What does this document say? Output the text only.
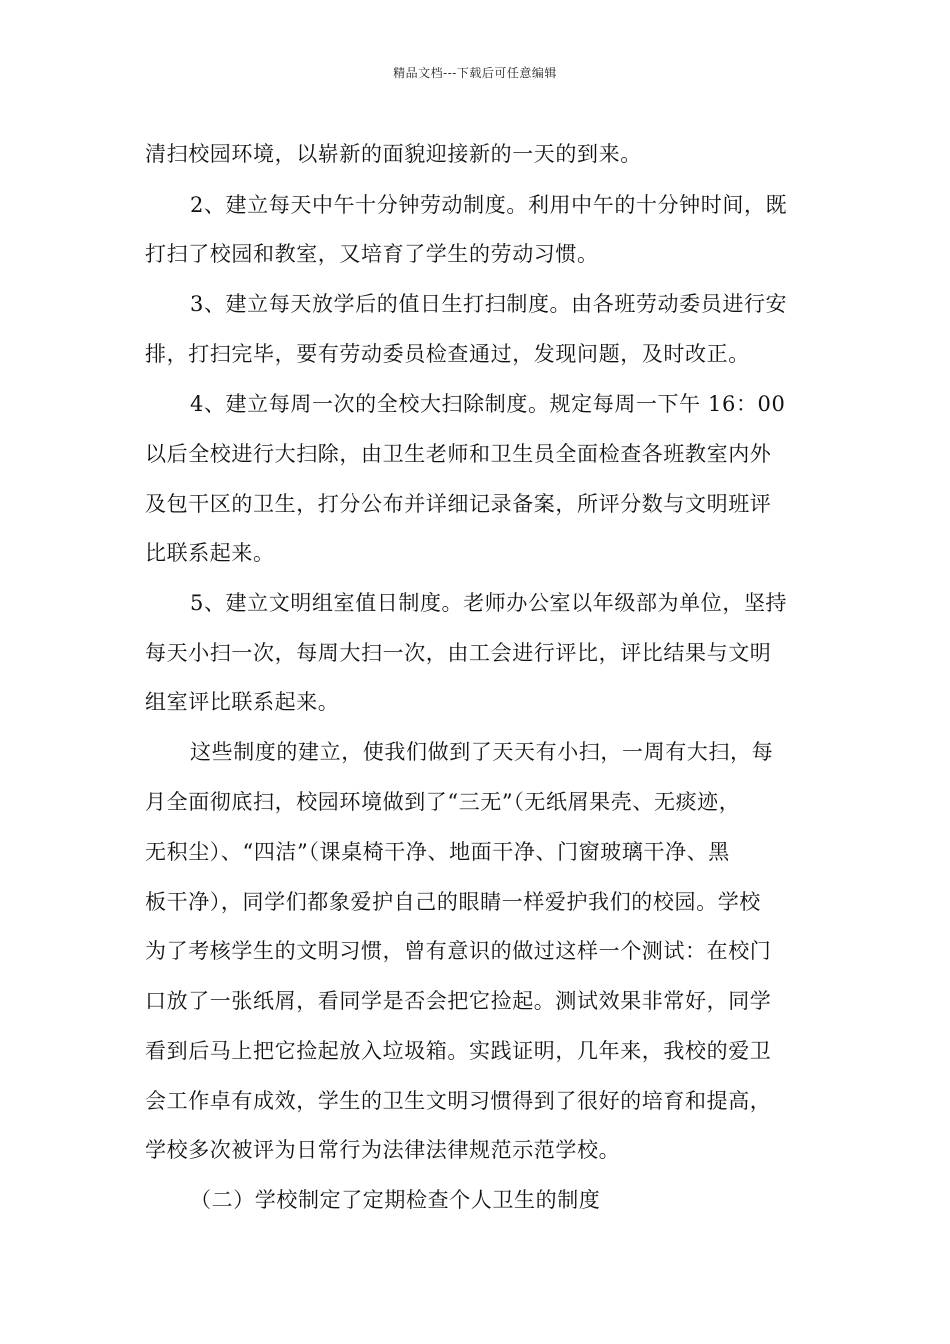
精品文档---下载后可任意编辑
清扫校园环境，以崭新的面貌迎接新的一天的到来。
2、建立每天中午十分钟劳动制度。利用中午的十分钟时间，既
打扫了校园和教室，又培育了学生的劳动习惯。
3、建立每天放学后的值日生打扫制度。由各班劳动委员进行安
排，打扫完毕，要有劳动委员检查通过，发现问题，及时改正。
4、建立每周一次的全校大扫除制度。规定每周一下午 16：00
以后全校进行大扫除，由卫生老师和卫生员全面检查各班教室内外
及包干区的卫生，打分公布并详细记录备案，所评分数与文明班评
比联系起来。
5、建立文明组室值日制度。老师办公室以年级部为单位，坚持
每天小扫一次，每周大扫一次，由工会进行评比，评比结果与文明
组室评比联系起来。
这些制度的建立，使我们做到了天天有小扫，一周有大扫，每
月全面彻底扫，校园环境做到了“三无”（无纸屑果壳、无痰迹，
无积尘）、“四洁”（课桌椅干净、地面干净、门窗玻璃干净、黑
板干净），同学们都象爱护自己的眼睛一样爱护我们的校园。学校
为了考核学生的文明习惯，曾有意识的做过这样一个测试：在校门
口放了一张纸屑，看同学是否会把它捡起。测试效果非常好，同学
看到后马上把它捡起放入垃圾箱。实践证明，几年来，我校的爱卫
会工作卓有成效，学生的卫生文明习惯得到了很好的培育和提高，
学校多次被评为日常行为法律法律规范示范学校。
（二）学校制定了定期检查个人卫生的制度
